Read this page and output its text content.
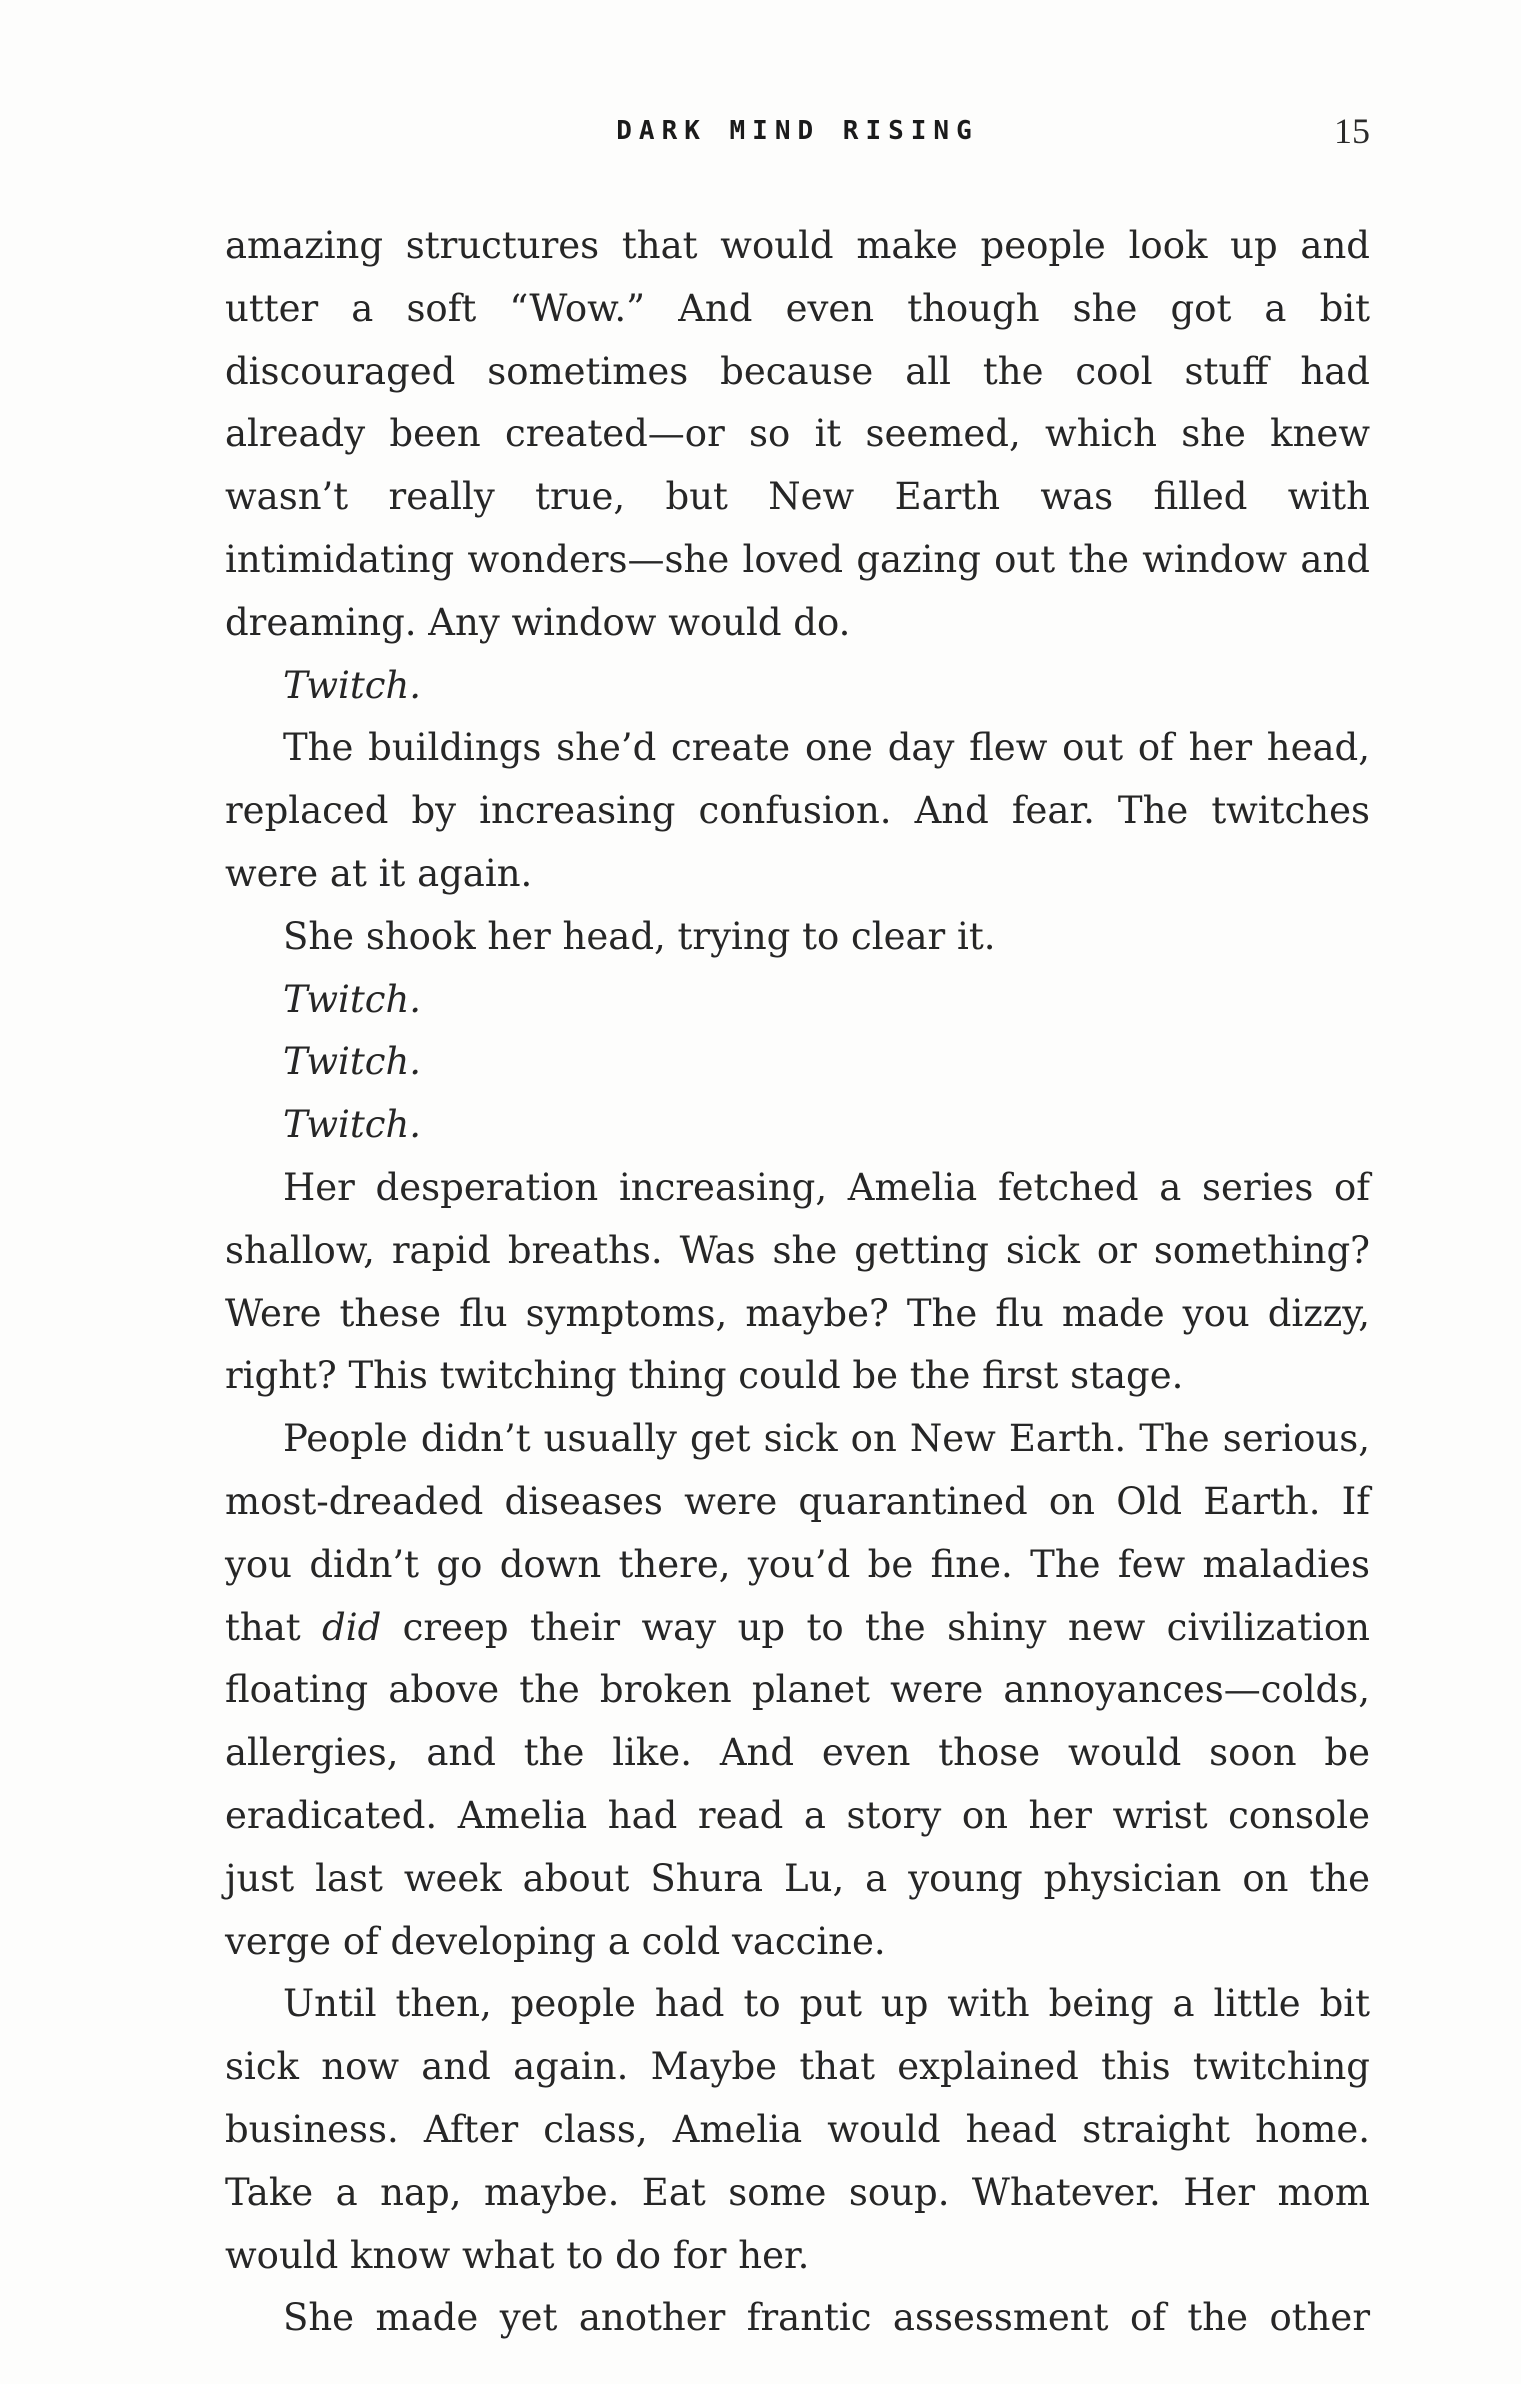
DARK MIND RISING	15

amazing structures that would make people look up and utter a soft “Wow.” And even though she got a bit discouraged sometimes because all the cool stuff had already been created—or so it seemed, which she knew wasn’t really true, but New Earth was filled with intimidating wonders—she loved gazing out the window and dreaming. Any window would do.

Twitch.

The buildings she’d create one day flew out of her head, replaced by increasing confusion. And fear. The twitches were at it again.

She shook her head, trying to clear it.

Twitch.

Twitch.

Twitch.

Her desperation increasing, Amelia fetched a series of shallow, rapid breaths. Was she getting sick or something? Were these flu symptoms, maybe? The flu made you dizzy, right? This twitching thing could be the first stage.

People didn’t usually get sick on New Earth. The serious, most-dreaded diseases were quarantined on Old Earth. If you didn’t go down there, you’d be fine. The few maladies that did creep their way up to the shiny new civilization floating above the broken planet were annoyances—colds, allergies, and the like. And even those would soon be eradicated. Amelia had read a story on her wrist console just last week about Shura Lu, a young physician on the verge of developing a cold vaccine.

Until then, people had to put up with being a little bit sick now and again. Maybe that explained this twitching business. After class, Amelia would head straight home. Take a nap, maybe. Eat some soup. Whatever. Her mom would know what to do for her.

She made yet another frantic assessment of the other
